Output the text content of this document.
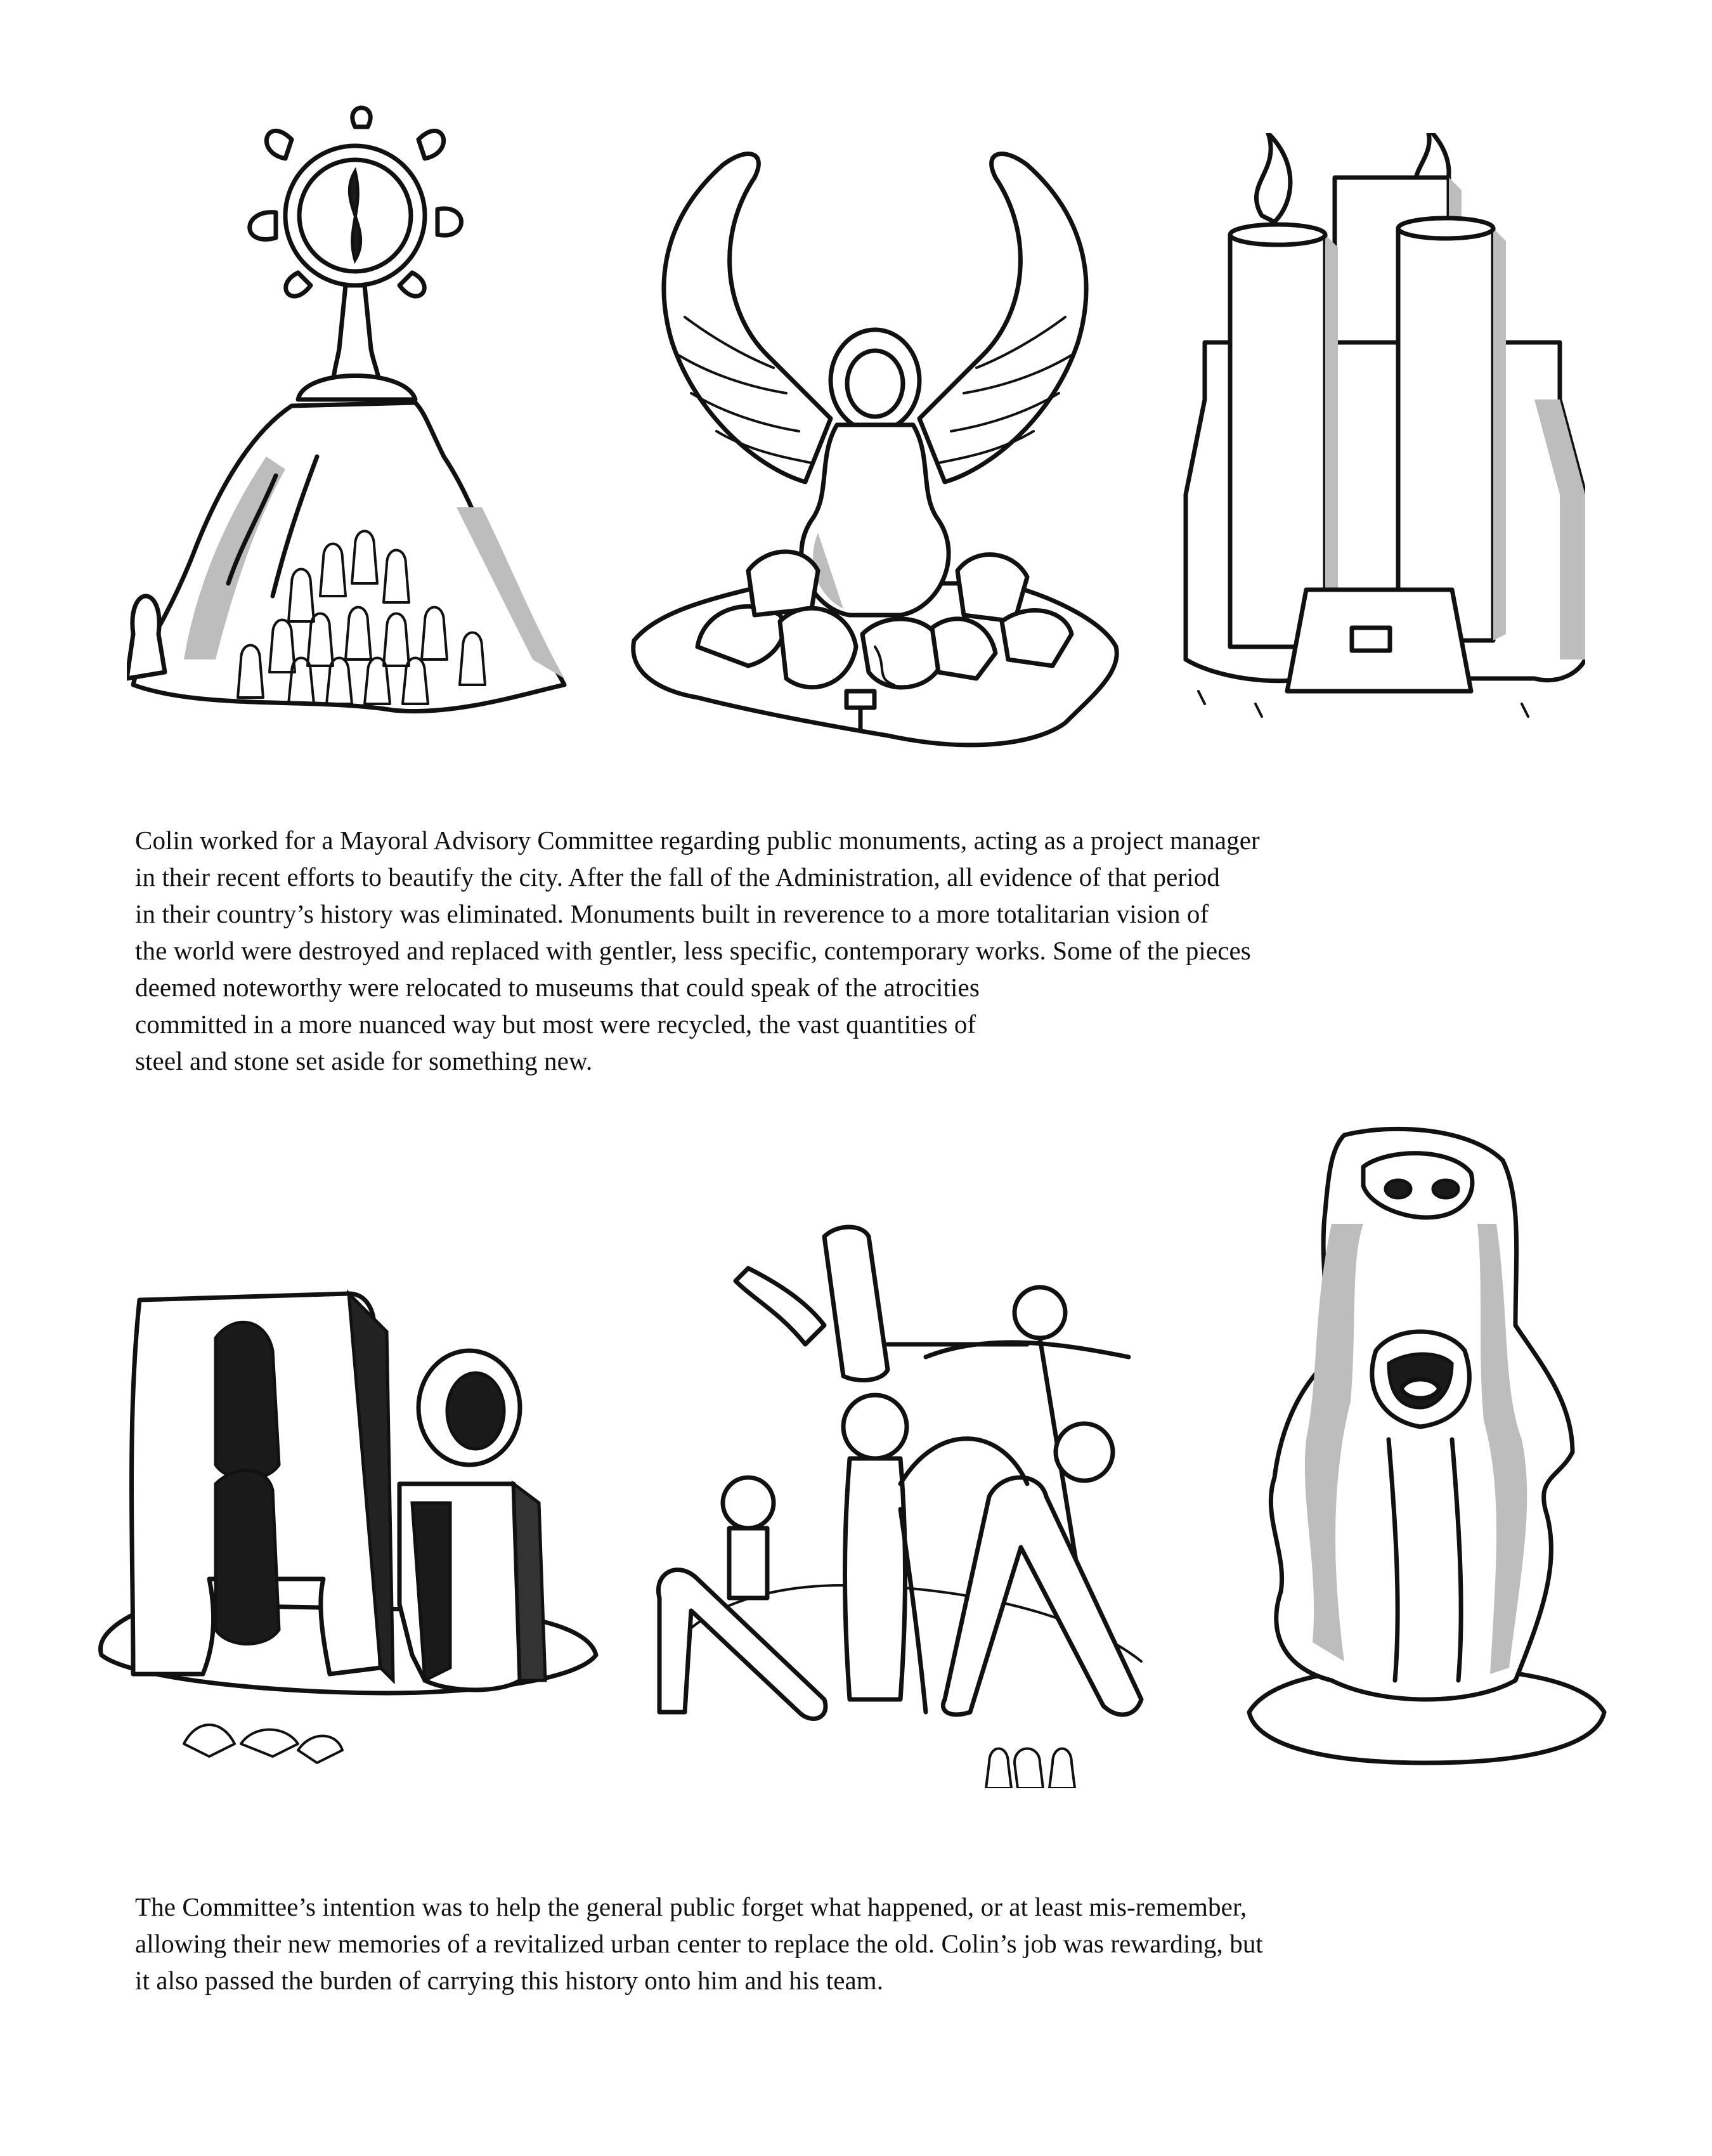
Colin worked for a Mayoral Advisory Committee regarding public monuments, acting as a project manager
in their recent efforts to beautify the city. After the fall of the Administration, all evidence of that period
in their country’s history was eliminated. Monuments built in reverence to a more totalitarian vision of
the world were destroyed and replaced with gentler, less specific, contemporary works. Some of the pieces
deemed noteworthy were relocated to museums that could speak of the atrocities
committed in a more nuanced way but most were recycled, the vast quantities of
steel and stone set aside for something new.
The Committee’s intention was to help the general public forget what happened, or at least mis-remember,
allowing their new memories of a revitalized urban center to replace the old. Colin’s job was rewarding, but
it also passed the burden of carrying this history onto him and his team.
